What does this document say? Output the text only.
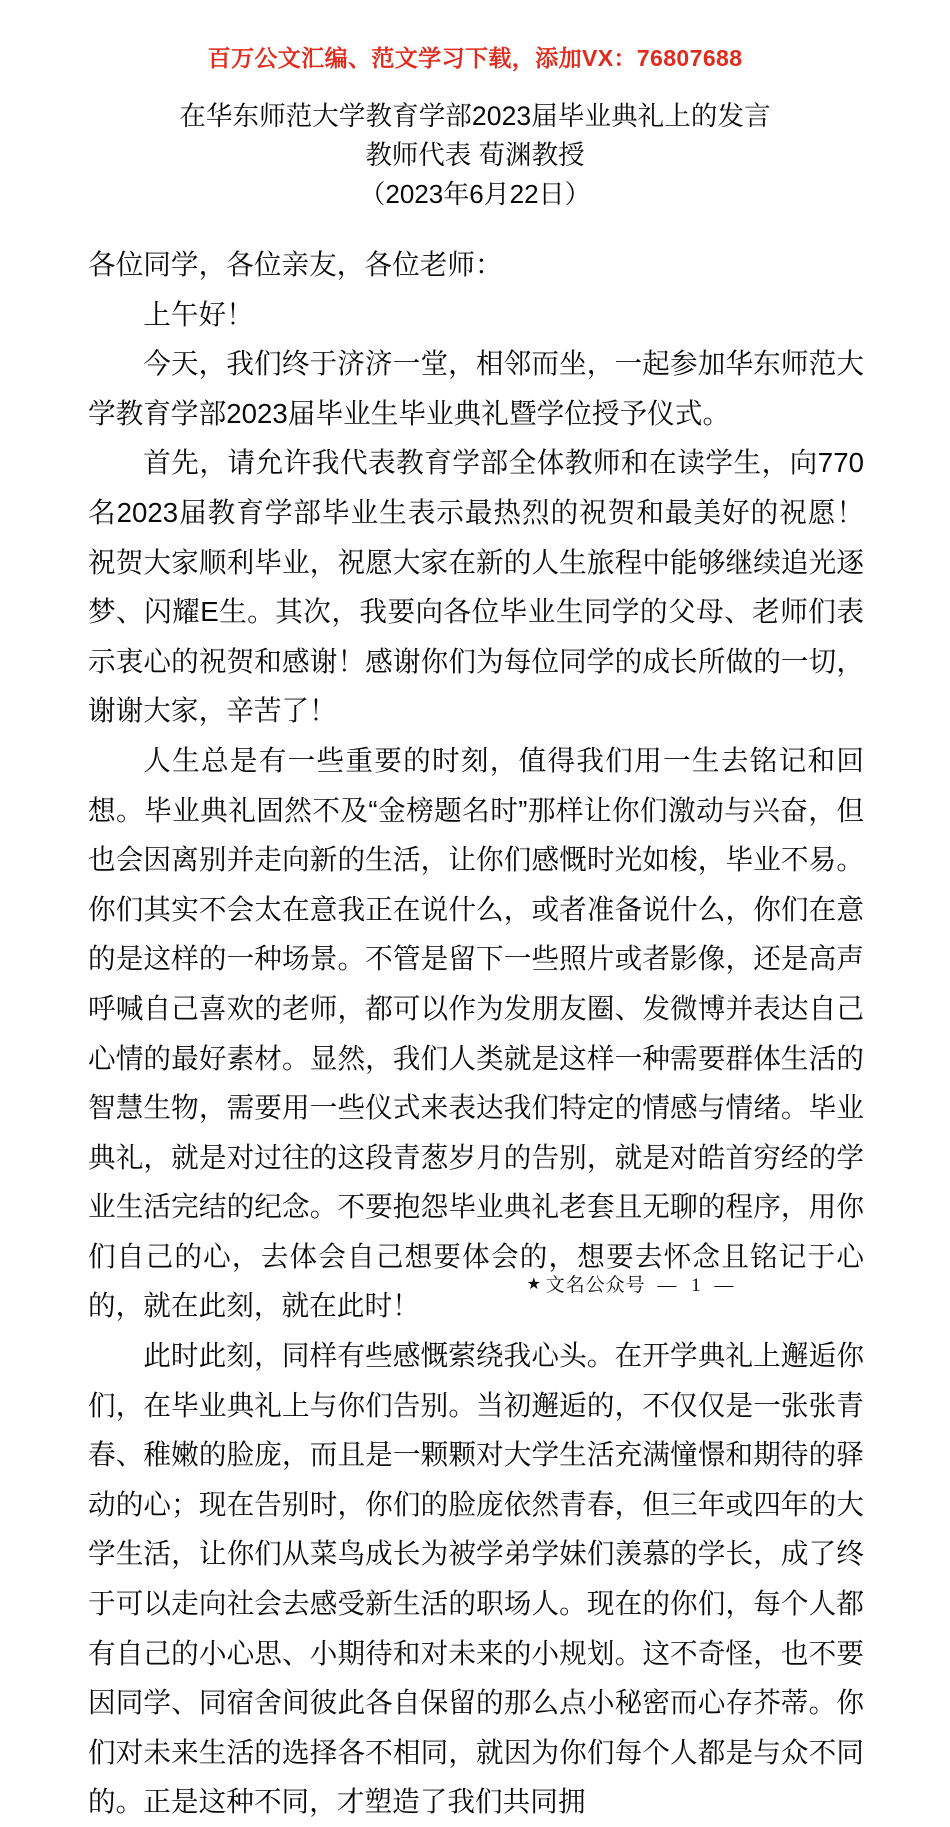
百万公文汇编、范文学习下载，添加VX：76807688
在华东师范大学教育学部2023届毕业典礼上的发言
教师代表 荀渊教授
（2023年6月22日）

各位同学，各位亲友，各位老师：

上午好！

今天，我们终于济济一堂，相邻而坐，一起参加华东师范大学教育学部2023届毕业生毕业典礼暨学位授予仪式。

首先，请允许我代表教育学部全体教师和在读学生，向770名2023届教育学部毕业生表示最热烈的祝贺和最美好的祝愿！祝贺大家顺利毕业，祝愿大家在新的人生旅程中能够继续追光逐梦、闪耀E生。其次，我要向各位毕业生同学的父母、老师们表示衷心的祝贺和感谢！感谢你们为每位同学的成长所做的一切，谢谢大家，辛苦了！

人生总是有一些重要的时刻，值得我们用一生去铭记和回想。毕业典礼固然不及“金榜题名时”那样让你们激动与兴奋，但也会因离别并走向新的生活，让你们感慨时光如梭，毕业不易。你们其实不会太在意我正在说什么，或者准备说什么，你们在意的是这样的一种场景。不管是留下一些照片或者影像，还是高声呼喊自己喜欢的老师，都可以作为发朋友圈、发微博并表达自己心情的最好素材。显然，我们人类就是这样一种需要群体生活的智慧生物，需要用一些仪式来表达我们特定的情感与情绪。毕业典礼，就是对过往的这段青葱岁月的告别，就是对皓首穷经的学业生活完结的纪念。不要抱怨毕业典礼老套且无聊的程序，用你们自己的心，去体会自己想要体会的，想要去怀念且铭记于心的，就在此刻，就在此时！

此时此刻，同样有些感慨萦绕我心头。在开学典礼上邂逅你们，在毕业典礼上与你们告别。当初邂逅的，不仅仅是一张张青春、稚嫩的脸庞，而且是一颗颗对大学生活充满憧憬和期待的驿动的心；现在告别时，你们的脸庞依然青春，但三年或四年的大学生活，让你们从菜鸟成长为被学弟学妹们羡慕的学长，成了终于可以走向社会去感受新生活的职场人。现在的你们，每个人都有自己的小心思、小期待和对未来的小规划。这不奇怪，也不要因同学、同宿舍间彼此各自保留的那么点小秘密而心存芥蒂。你们对未来生活的选择各不相同，就因为你们每个人都是与众不同的。正是这种不同，才塑造了我们共同拥

★ 文名公众号 — 1 —
